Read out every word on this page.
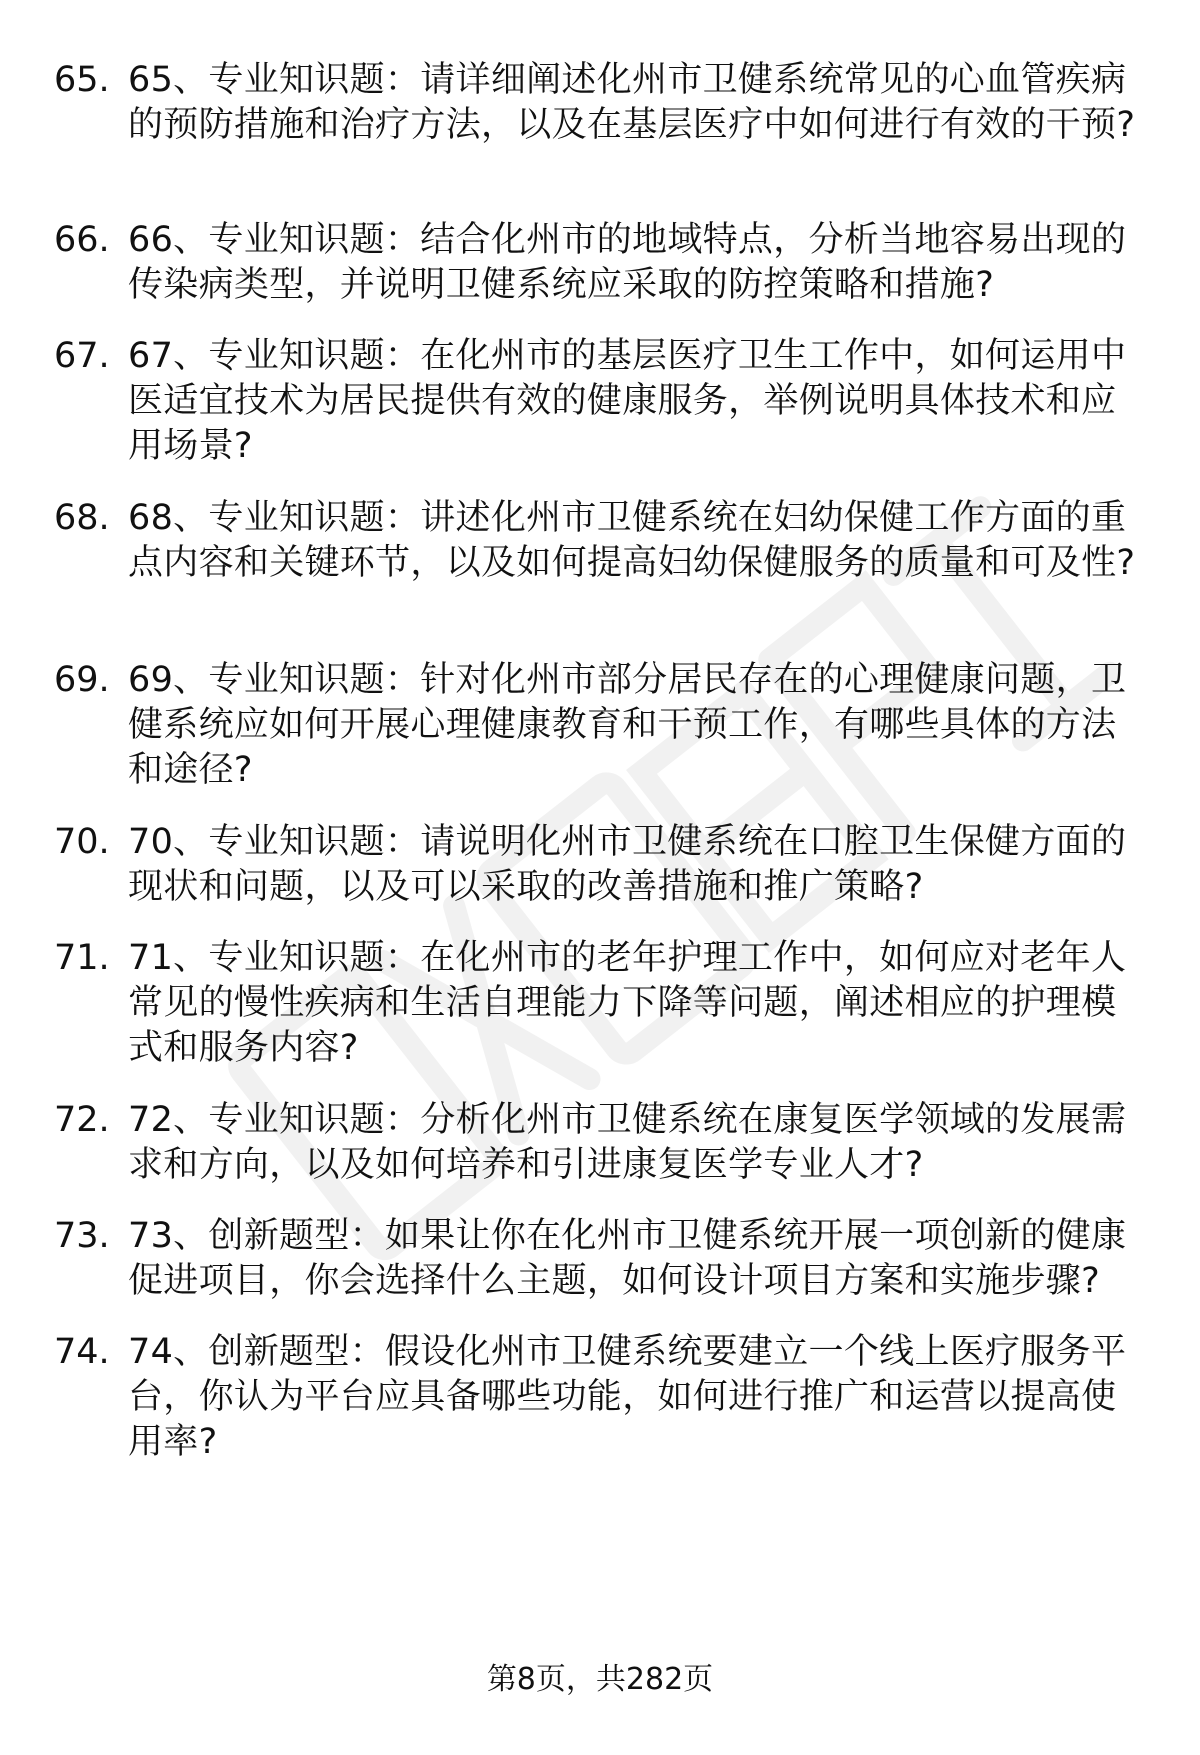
65. 65、专业知识题：请详细阐述化州市卫健系统常见的心血管疾病的预防措施和治疗方法，以及在基层医疗中如何进行有效的干预?
66. 66、专业知识题：结合化州市的地域特点，分析当地容易出现的传染病类型，并说明卫健系统应采取的防控策略和措施?
67. 67、专业知识题：在化州市的基层医疗卫生工作中，如何运用中医适宜技术为居民提供有效的健康服务，举例说明具体技术和应用场景?
68. 68、专业知识题：讲述化州市卫健系统在妇幼保健工作方面的重点内容和关键环节，以及如何提高妇幼保健服务的质量和可及性?
69. 69、专业知识题：针对化州市部分居民存在的心理健康问题，卫健系统应如何开展心理健康教育和干预工作，有哪些具体的方法和途径?
70. 70、专业知识题：请说明化州市卫健系统在口腔卫生保健方面的现状和问题，以及可以采取的改善措施和推广策略?
71. 71、专业知识题：在化州市的老年护理工作中，如何应对老年人常见的慢性疾病和生活自理能力下降等问题，阐述相应的护理模式和服务内容?
72. 72、专业知识题：分析化州市卫健系统在康复医学领域的发展需求和方向，以及如何培养和引进康复医学专业人才?
73. 73、创新题型：如果让你在化州市卫健系统开展一项创新的健康促进项目，你会选择什么主题，如何设计项目方案和实施步骤?
74. 74、创新题型：假设化州市卫健系统要建立一个线上医疗服务平台，你认为平台应具备哪些功能，如何进行推广和运营以提高使用率?
第8页，共282页
